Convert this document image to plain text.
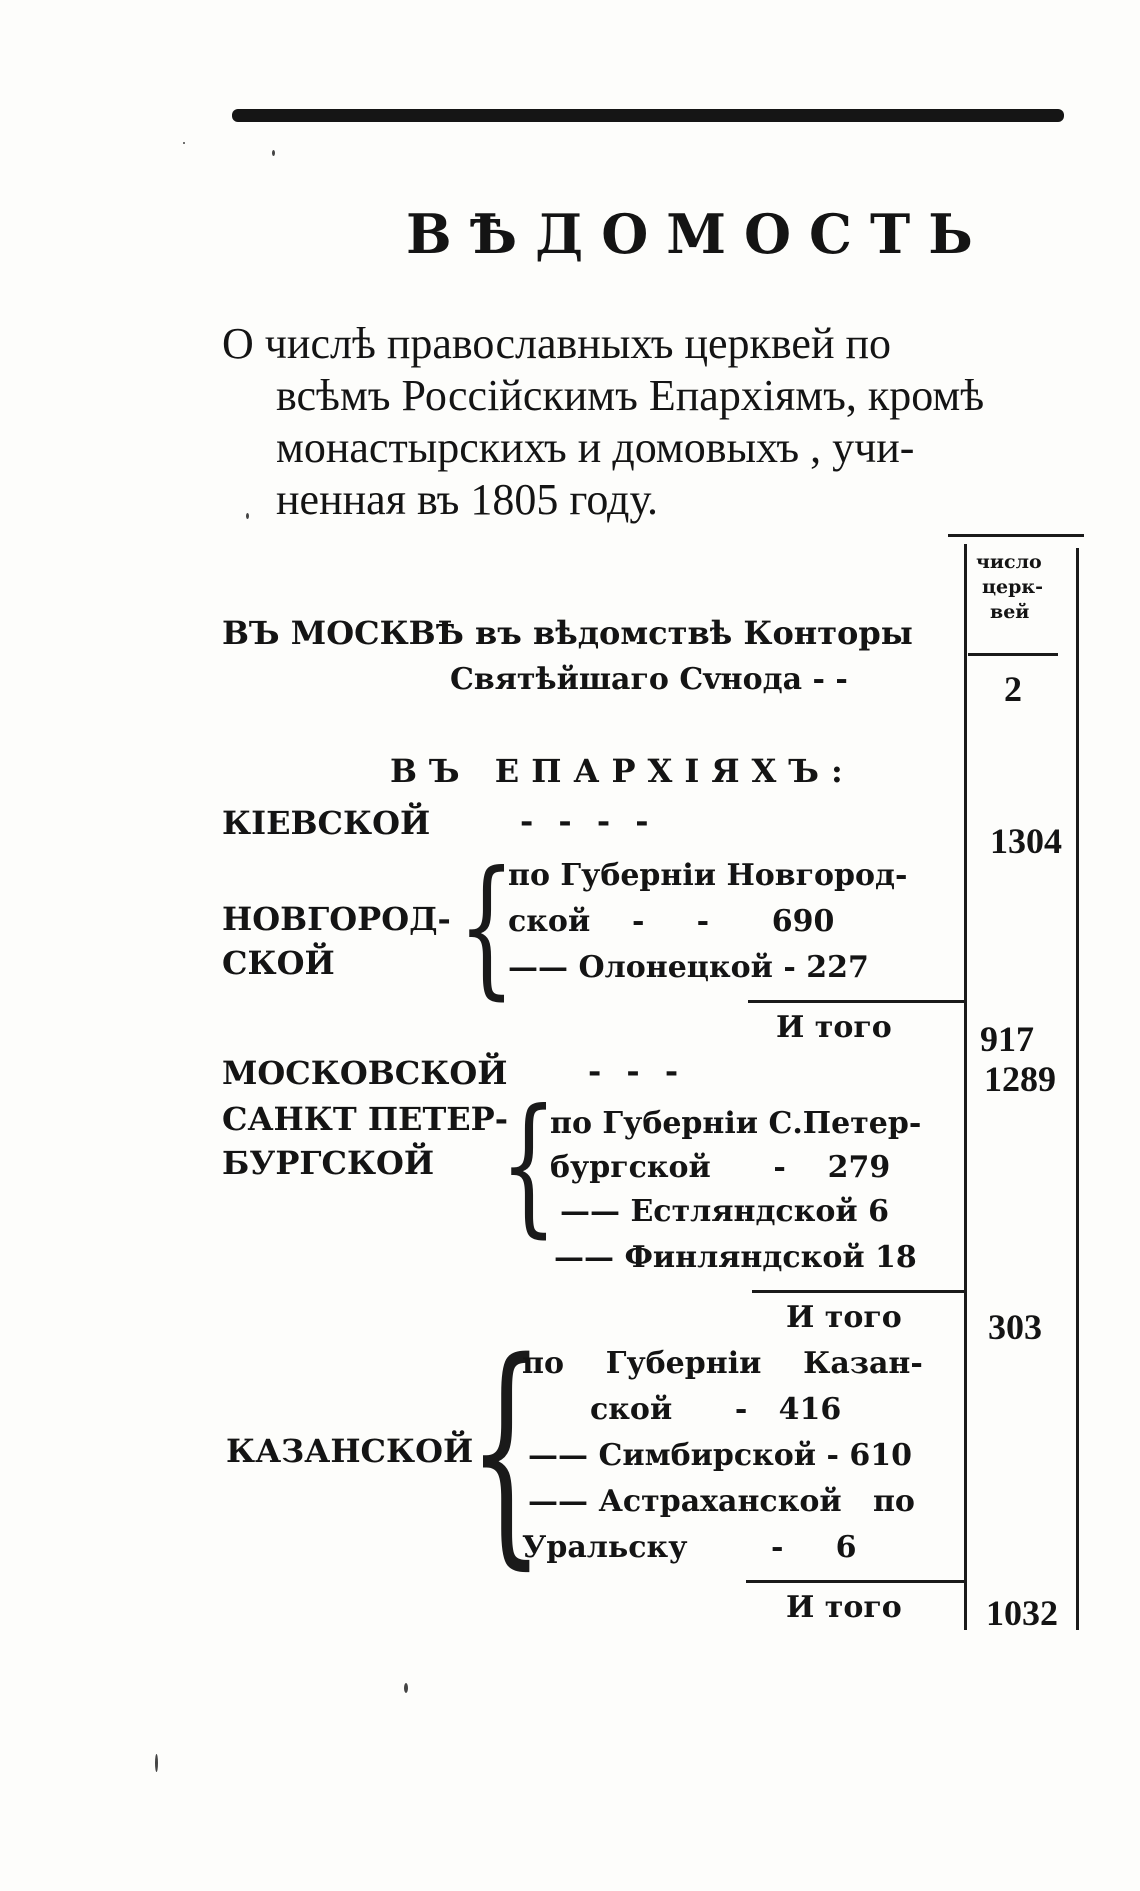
ВѢДОМОСТЬ
О числѣ православныхъ церквей по
всѣмъ Россійскимъ Епархіямъ, кромѣ
монастырскихъ и домовыхъ , учи-
ненная въ 1805 году.
число
церк-
вей
ВЪ МОСКВѢ въ вѣдомствѣ Конторы
Святѣйшаго Сvнода - -	2
ВЪ ЕПАРХІЯХЪ:
КІЕВСКОЙ	- - - -	1304
НОВГОРОД-
СКОЙ {
по Губерніи Новгород-
ской    -     -      690
—— Олонецкой - 227
И того 917
МОСКОВСКОЙ	- - -	1289
САНКТ ПЕТЕР-
БУРГСКОЙ {
по Губерніи С.Петер-
бургской      -    279
—— Естляндской 6
—— Финляндской 18
И того 303
КАЗАНСКОЙ
{
по    Губерніи    Казан-
ской      -   416
—— Симбирской - 610
—— Астраханской   по
Уральску        -     6
И того 1032
